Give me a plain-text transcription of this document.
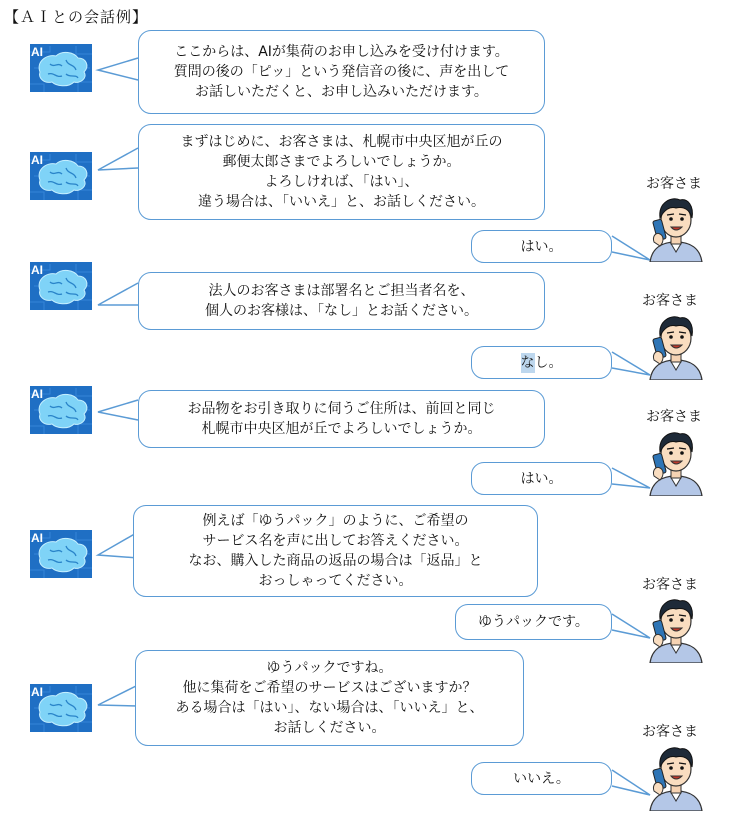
【ＡＩとの会話例】
AI	ここからは、AIが集荷のお申し込みを受け付けます。
質問の後の「ピッ」という発信音の後に、声を出して
お話しいただくと、お申し込みいただけます。
AI
まずはじめに、お客さまは、札幌市中央区旭が丘の
郵便太郎さまでよろしいでしょうか。
よろしければ、「はい」、
違う場合は、「いいえ」と、お話しください。
お客さま
はい。
AI
法人のお客さまは部署名とご担当者名を、
個人のお客様は、「なし」とお話ください。
お客さま
な し。
AI
お品物をお引き取りに伺うご住所は、前回と同じ
札幌市中央区旭が丘でよろしいでしょうか。
お客さま
はい。
AI
例えば「ゆうパック」のように、ご希望の
サービス名を声に出してお答えください。
なお、購入した商品の返品の場合は「返品」と
おっしゃってください。	お客さま
ゆうパックです。
AI
ゆうパックですね。
他に集荷をご希望のサービスはございますか？
ある場合は「はい」、ない場合は、「いいえ」と、
お話しください。	お客さま
いいえ。
